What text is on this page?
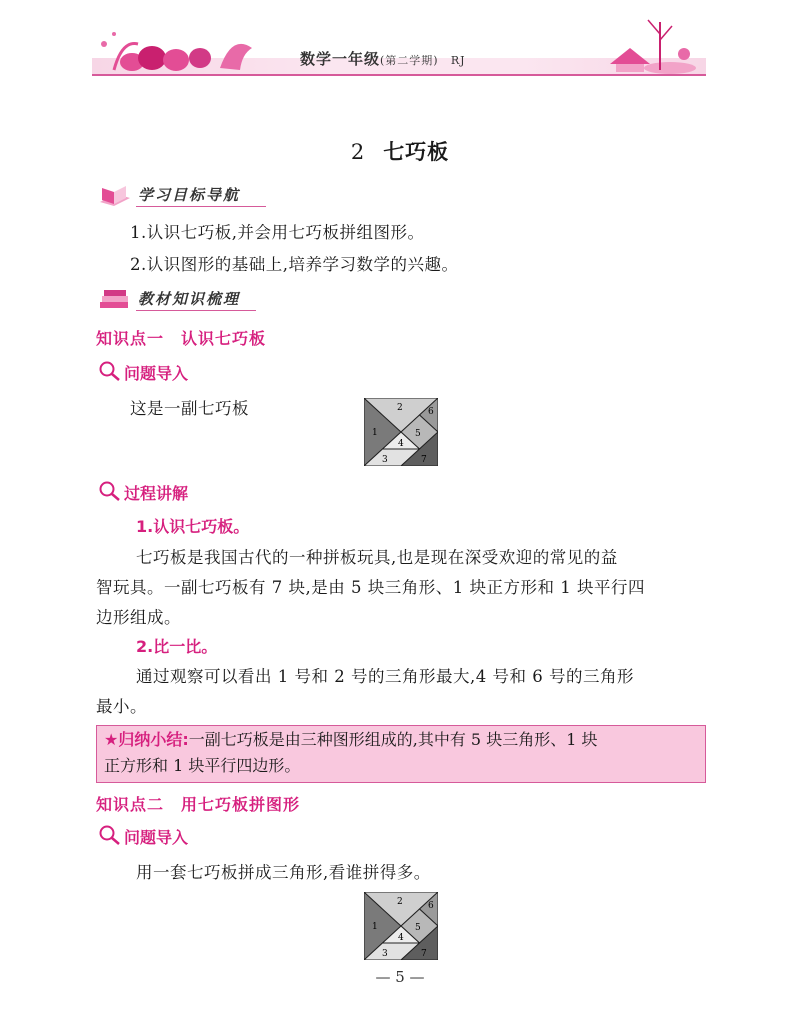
数学一年级(第二学期) RJ
2 七巧板
学习目标导航
1.认识七巧板,并会用七巧板拼组图形。
2.认识图形的基础上,培养学习数学的兴趣。
教材知识梳理
知识点一　认识七巧板
问题导入
这是一副七巧板
1
2
3
4
5
6
7
过程讲解
1.认识七巧板。
七巧板是我国古代的一种拼板玩具,也是现在深受欢迎的常见的益
智玩具。一副七巧板有 7 块,是由 5 块三角形、1 块正方形和 1 块平行四
边形组成。
2.比一比。
通过观察可以看出 1 号和 2 号的三角形最大,4 号和 6 号的三角形
最小。
★归纳小结:一副七巧板是由三种图形组成的,其中有 5 块三角形、1 块
正方形和 1 块平行四边形。
知识点二　用七巧板拼图形
问题导入
用一套七巧板拼成三角形,看谁拼得多。
1
2
3
4
5
6
7
— 5 —
